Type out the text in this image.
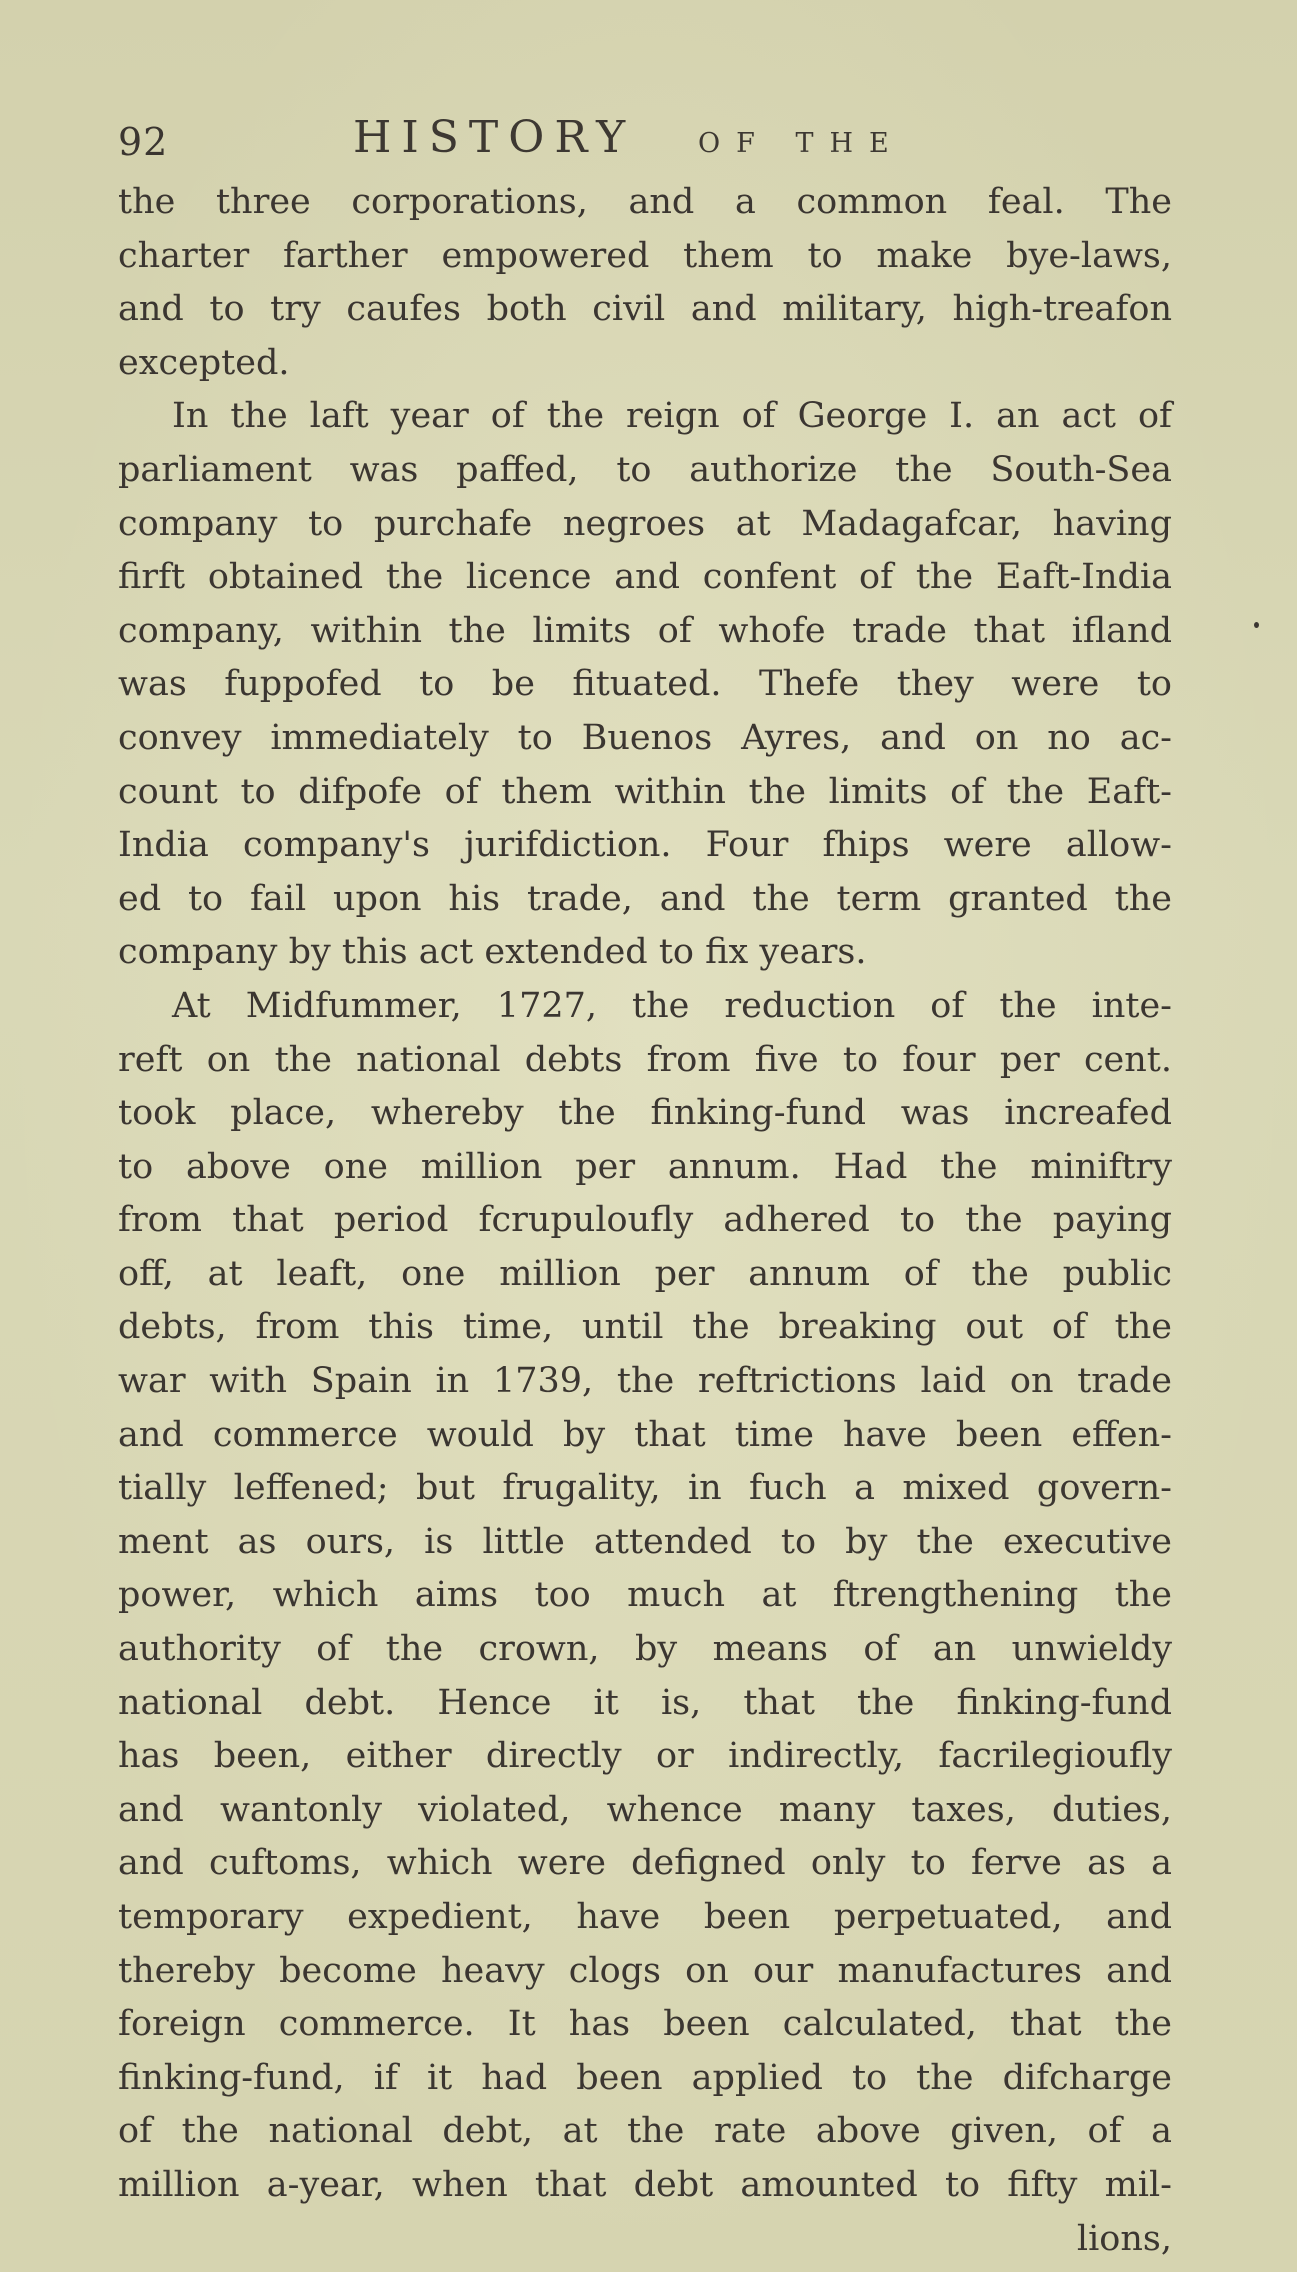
92	HISTORY OF THE
the three corporations, and a common feal. The
charter farther empowered them to make bye-laws,
and to try caufes both civil and military, high-treafon
excepted.
In the laft year of the reign of George I. an act of
parliament was paffed, to authorize the South-Sea
company to purchafe negroes at Madagafcar, having
firft obtained the licence and confent of the Eaft-India
company, within the limits of whofe trade that ifland
was fuppofed to be fituated. Thefe they were to
convey immediately to Buenos Ayres, and on no ac-
count to difpofe of them within the limits of the Eaft-
India company's jurifdiction. Four fhips were allow-
ed to fail upon his trade, and the term granted the
company by this act extended to fix years.
At Midfummer, 1727, the reduction of the inte-
reft on the national debts from five to four per cent.
took place, whereby the finking-fund was increafed
to above one million per annum. Had the miniftry
from that period fcrupuloufly adhered to the paying
off, at leaft, one million per annum of the public
debts, from this time, until the breaking out of the
war with Spain in 1739, the reftrictions laid on trade
and commerce would by that time have been effen-
tially leffened; but frugality, in fuch a mixed govern-
ment as ours, is little attended to by the executive
power, which aims too much at ftrengthening the
authority of the crown, by means of an unwieldy
national debt. Hence it is, that the finking-fund
has been, either directly or indirectly, facrilegioufly
and wantonly violated, whence many taxes, duties,
and cuftoms, which were defigned only to ferve as a
temporary expedient, have been perpetuated, and
thereby become heavy clogs on our manufactures and
foreign commerce. It has been calculated, that the
finking-fund, if it had been applied to the difcharge
of the national debt, at the rate above given, of a
million a-year, when that debt amounted to fifty mil-
lions,
